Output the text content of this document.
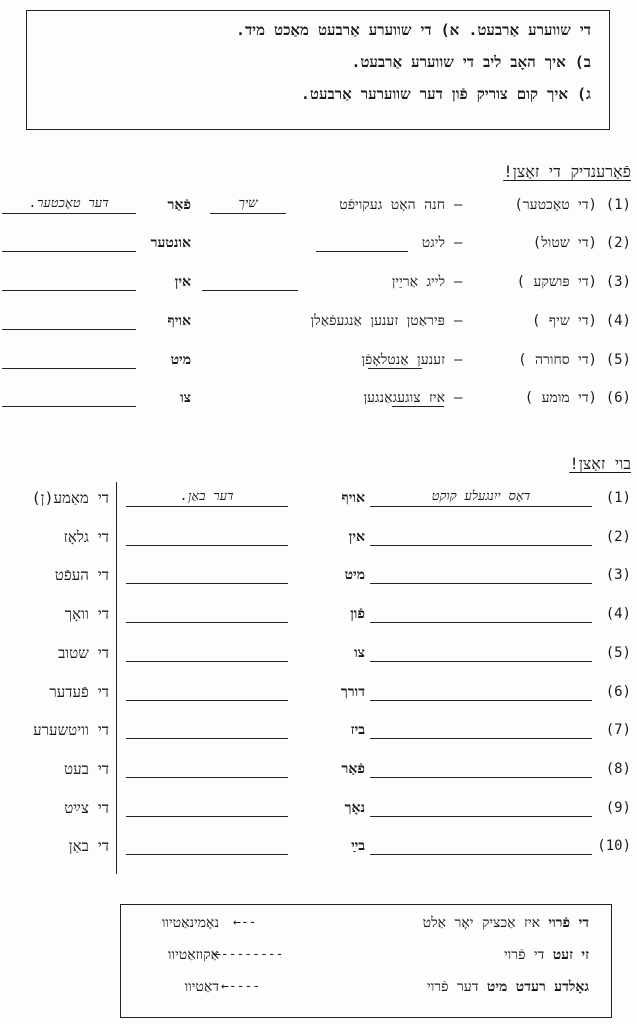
די שווערע אַרבעט. א) די שווערע אַרבעט מאַכט מיד.
ב) איך האָב ליב די שווערע אַרבעט.
ג) איך קום צוריק פֿון דער שווערער אַרבעט.
פֿאַרענדיק די זאַצן!
(1)
(די טאָכטער)
–
חנה האָט געקויפֿט
שיך
פֿאַר
דער טאָכטער.
(2)
(די שטול)
–
ליגט
אונטער
(3)
(די פּושקע )
–
לייג אַריַין
אין
(4)
(די שיף )
–
פּיראַטן זענען אַנגעפֿאַלן
אויף
(5)
(די סחורה )
–
זענען אַנטלאָפֿן
מיט
(6)
(די מומע )
–
איז צוגעגאַנגען
צו
בוי זאַצן!
(1)
דאָס ייִנגעלע קוקט
אויף
דער באַן.
די מאַמע(ן)
(2)
אין
די גלאָז
(3)
מיט
די העפֿט
(4)
פֿון
די וואָך
(5)
צו
די שטוב
(6)
דורך
די פֿעדער
(7)
ביז
די וויטשערע
(8)
פֿאַר
די בעט
(9)
נאָך
די צײַט
(10)
בײַ
די באַן
די פֿרוי איז אַכציק יאָר אַלט
←--
נאָמינאַטיוו
זי זעט די פֿרוי
←--------
אַקוזאַטיוו
גאָלדע רעדט מיט דער פֿרוי
←----
דאַטיוו
